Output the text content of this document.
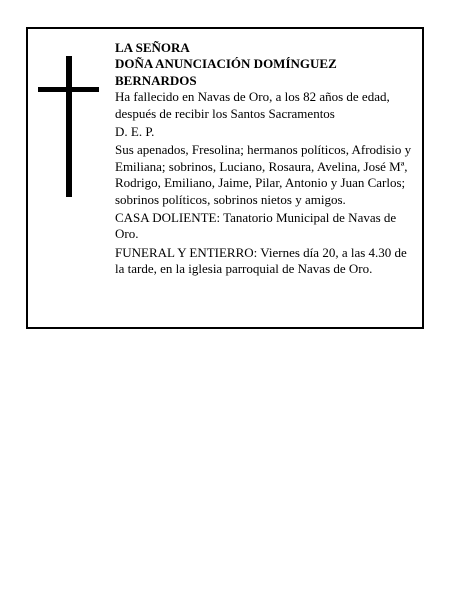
LA SEÑORA
DOÑA ANUNCIACIÓN DOMÍNGUEZ
BERNARDOS
Ha fallecido en Navas de Oro, a los 82 años de edad, después de recibir los Santos Sacramentos
D. E. P.
Sus apenados, Fresolina; hermanos políticos, Afrodisio y Emiliana; sobrinos, Luciano, Rosaura, Avelina, José Mª, Rodrigo, Emiliano, Jaime, Pilar, Antonio y Juan Carlos; sobrinos políticos, sobrinos nietos y amigos.
CASA DOLIENTE: Tanatorio Municipal de Navas de Oro.
FUNERAL Y ENTIERRO: Viernes día 20, a las 4.30 de la tarde, en la iglesia parroquial de Navas de Oro.
